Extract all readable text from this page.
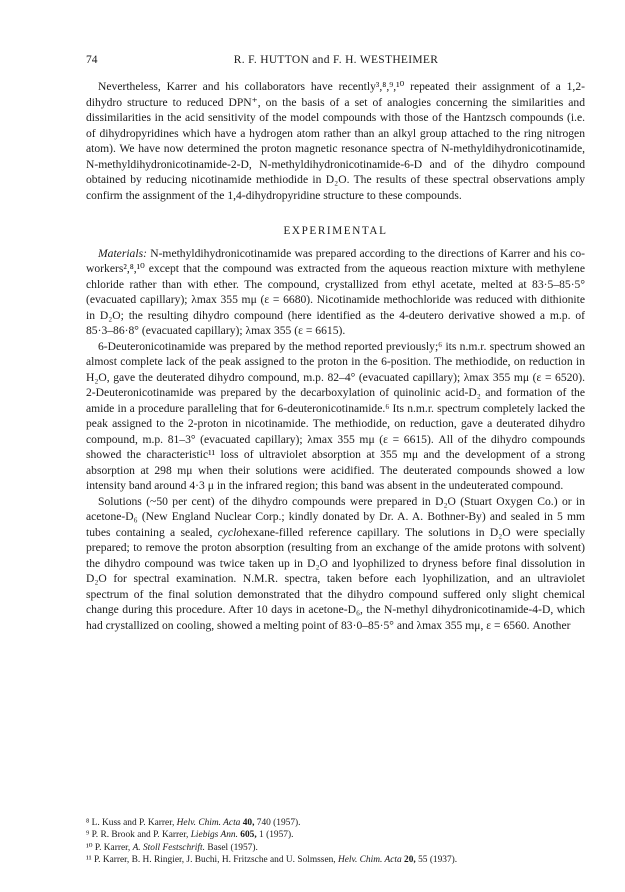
74	R. F. HUTTON and F. H. WESTHEIMER

Nevertheless, Karrer and his collaborators have recently³,⁸,⁹,¹⁰ repeated their assignment of a 1,2-dihydro structure to reduced DPN⁺, on the basis of a set of analogies concerning the similarities and dissimilarities in the acid sensitivity of the model compounds with those of the Hantzsch compounds (i.e. of dihydropyridines which have a hydrogen atom rather than an alkyl group attached to the ring nitrogen atom). We have now determined the proton magnetic resonance spectra of N-methyldihydronicotinamide, N-methyldihydronicotinamide-2-D, N-methyldihydronicotinamide-6-D and of the dihydro compound obtained by reducing nicotinamide methiodide in D₂O. The results of these spectral observations amply confirm the assignment of the 1,4-dihydropyridine structure to these compounds.

EXPERIMENTAL

Materials: N-methyldihydronicotinamide was prepared according to the directions of Karrer and his co-workers²,⁸,¹⁰ except that the compound was extracted from the aqueous reaction mixture with methylene chloride rather than with ether. The compound, crystallized from ethyl acetate, melted at 83·5–85·5° (evacuated capillary); λmax 355 mμ (ε = 6680). Nicotinamide methochloride was reduced with dithionite in D₂O; the resulting dihydro compound (here identified as the 4-deutero derivative showed a m.p. of 85·3–86·8° (evacuated capillary); λmax 355 (ε = 6615).

6-Deuteronicotinamide was prepared by the method reported previously;⁶ its n.m.r. spectrum showed an almost complete lack of the peak assigned to the proton in the 6-position. The methiodide, on reduction in H₂O, gave the deuterated dihydro compound, m.p. 82–4° (evacuated capillary); λmax 355 mμ (ε = 6520). 2-Deuteronicotinamide was prepared by the decarboxylation of quinolinic acid-D₂ and formation of the amide in a procedure paralleling that for 6-deuteronicotinamide.⁶ Its n.m.r. spectrum completely lacked the peak assigned to the 2-proton in nicotinamide. The methiodide, on reduction, gave a deuterated dihydro compound, m.p. 81–3° (evacuated capillary); λmax 355 mμ (ε = 6615). All of the dihydro compounds showed the characteristic¹¹ loss of ultraviolet absorption at 355 mμ and the development of a strong absorption at 298 mμ when their solutions were acidified. The deuterated compounds showed a low intensity band around 4·3 μ in the infrared region; this band was absent in the undeuterated compound.

Solutions (~50 per cent) of the dihydro compounds were prepared in D₂O (Stuart Oxygen Co.) or in acetone-D₆ (New England Nuclear Corp.; kindly donated by Dr. A. A. Bothner-By) and sealed in 5 mm tubes containing a sealed, cyclohexane-filled reference capillary. The solutions in D₂O were specially prepared; to remove the proton absorption (resulting from an exchange of the amide protons with solvent) the dihydro compound was twice taken up in D₂O and lyophilized to dryness before final dissolution in D₂O for spectral examination. N.M.R. spectra, taken before each lyophilization, and an ultraviolet spectrum of the final solution demonstrated that the dihydro compound suffered only slight chemical change during this procedure. After 10 days in acetone-D₆, the N-methyl dihydronicotinamide-4-D, which had crystallized on cooling, showed a melting point of 83·0–85·5° and λmax 355 mμ, ε = 6560. Another

⁸ L. Kuss and P. Karrer, Helv. Chim. Acta 40, 740 (1957).
⁹ P. R. Brook and P. Karrer, Liebigs Ann. 605, 1 (1957).
¹⁰ P. Karrer, A. Stoll Festschrift. Basel (1957).
¹¹ P. Karrer, B. H. Ringier, J. Buchi, H. Fritzsche and U. Solmssen, Helv. Chim. Acta 20, 55 (1937).
